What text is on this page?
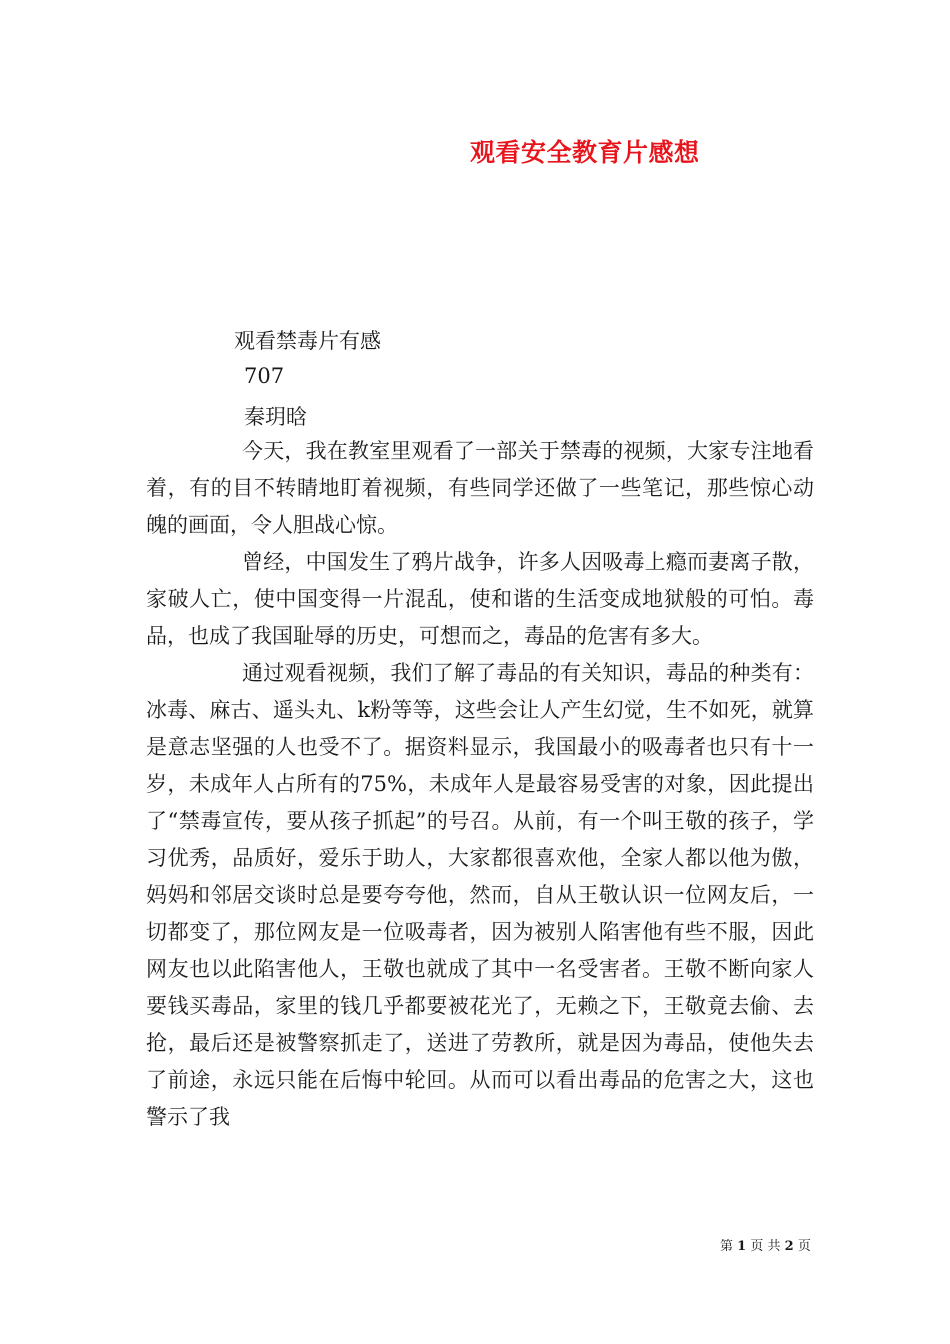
观看安全教育片感想
观看禁毒片有感
707
秦玥晗

今天，我在教室里观看了一部关于禁毒的视频，大家专注地看着，有的目不转睛地盯着视频，有些同学还做了一些笔记，那些惊心动魄的画面，令人胆战心惊。

曾经，中国发生了鸦片战争，许多人因吸毒上瘾而妻离子散，家破人亡，使中国变得一片混乱，使和谐的生活变成地狱般的可怕。毒品，也成了我国耻辱的历史，可想而之，毒品的危害有多大。

通过观看视频，我们了解了毒品的有关知识，毒品的种类有：冰毒、麻古、遥头丸、k粉等等，这些会让人产生幻觉，生不如死，就算是意志坚强的人也受不了。据资料显示，我国最小的吸毒者也只有十一岁，未成年人占所有的75%，未成年人是最容易受害的对象，因此提出了“禁毒宣传，要从孩子抓起”的号召。从前，有一个叫王敬的孩子，学习优秀，品质好，爱乐于助人，大家都很喜欢他，全家人都以他为傲，妈妈和邻居交谈时总是要夸夸他，然而，自从王敬认识一位网友后，一切都变了，那位网友是一位吸毒者，因为被别人陷害他有些不服，因此网友也以此陷害他人，王敬也就成了其中一名受害者。王敬不断向家人要钱买毒品，家里的钱几乎都要被花光了，无赖之下，王敬竟去偷、去抢，最后还是被警察抓走了，送进了劳教所，就是因为毒品，使他失去了前途，永远只能在后悔中轮回。从而可以看出毒品的危害之大，这也警示了我

第 1 页 共 2 页
